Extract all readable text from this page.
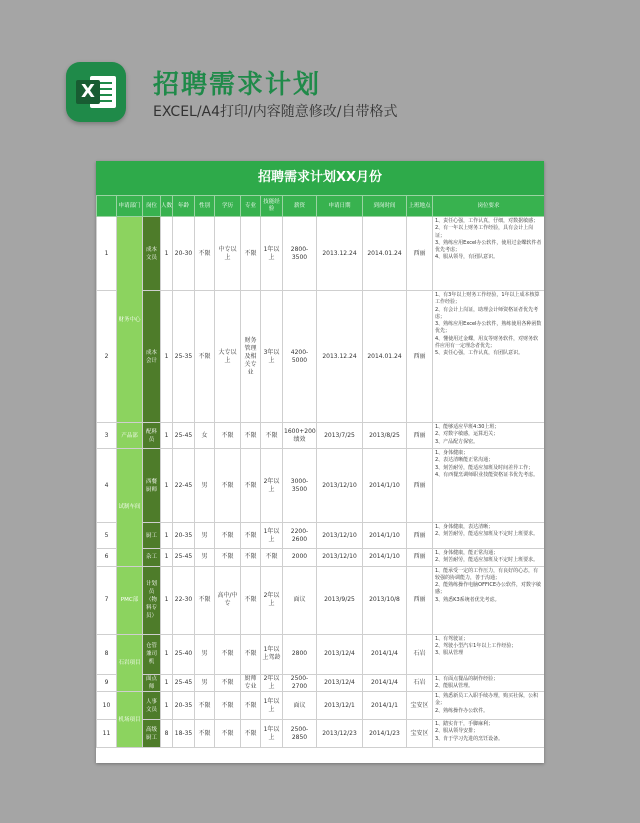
X 招聘需求计划
EXCEL/A4打印/内容随意修改/自带格式
招聘需求计划XX月份
	申请部门	岗位	人数	年龄	性别	学历	专业	技能经验	薪资	申请日期	到岗时间	上班地点	岗位要求
1	财务中心	成本文员	1	20-30	不限	中专以上	不限	1年以上	2800-3500	2013.12.24	2014.01.24	西丽	1、责任心强，工作认真，仔细，对数据敏感；
2、有一年以上财务工作经验，具有会计上岗证；
3、熟练应用Excel办公软件，使用过金蝶软件者优先考虑；
4、服从领导，有团队意识。

2		成本会计	1	25-35	不限	大专以上	财务管理及相关专业	3年以上	4200-5000	2013.12.24	2014.01.24	西丽	1、有3年以上财务工作经验，1年以上成本核算工作经验；
2、有会计上岗证，助理会计师资格证者优先考虑；
3、熟练应用Excel办公软件，熟练使用各种函数优先；
4、懂使用过金蝶，用友等财务软件，对财务软件应用有一定理念者优先；
5、责任心强，工作认真，有团队意识。

3	产品部	配料员	1	25-45	女	不限	不限	不限	1600+200绩效	2013/7/25	2013/8/25	西丽	1、能够适应早班4:30上班；
2、对数字敏感，运算迅关；
3、产品配方保密。

4	试制车间	西餐厨师	1	22-45	男	不限	不限	2年以上	3000-3500	2013/12/10	2014/1/10	西丽	1、身体健康；
2、表达清晰能正常沟通；
3、刻苦耐劳，能适应加班及时间差异工作；
4、有西餐烹调师职业技能资格证书优先考虑。

5		厨工	1	20-35	男	不限	不限	1年以上	2200-2600	2013/12/10	2014/1/10	西丽	1、身体健康，表达清晰；
2、刻苦耐劳，能适应加班及不定时上班要求。

6		杂工	1	25-45	男	不限	不限	不限	2000	2013/12/10	2014/1/10	西丽	1、身体健康，能正常沟通；
2、刻苦耐劳，能适应加班及不定时上班要求。

7	PMC部	计划员（物料专员）	1	22-30	不限	高中/中专	不限	2年以上	面议	2013/9/25	2013/10/8	西丽	1、能承受一定的工作压力，有良好的心态，有较强的协调能力，善于沟通；
2、能熟练操作电脑OFFICE办公软件，对数字敏感；
3、熟悉K3系统者优先考虑。

8	石岩项目	仓管兼司机	1	25-40	男	不限	不限	1年以上驾龄	2800	2013/12/4	2014/1/4	石岩	1、有驾驶证；
2、驾驶小型汽车1年以上工作经验；
3、服从管理

9		面点师	1	25-45	男	不限	厨师专业	2年以上	2500-2700	2013/12/4	2014/1/4	石岩	1、有面点餐品的制作经验；
2、能服从管理。

10	机场项目	人事文员	1	20-35	不限	不限	不限	1年以上	面议	2013/12/1	2014/1/1	宝安区	1、熟悉新员工入职手续办理，购买社保，公积金；
2、熟练操作办公软件。

11		高级厨工	8	18-35	不限	不限	不限	1年以上	2500-2850	2013/12/23	2014/1/23	宝安区	1、踏实肯干，手脚麻利；
2、服从领导安排；
3、肯于学习先进的烹饪设备。
